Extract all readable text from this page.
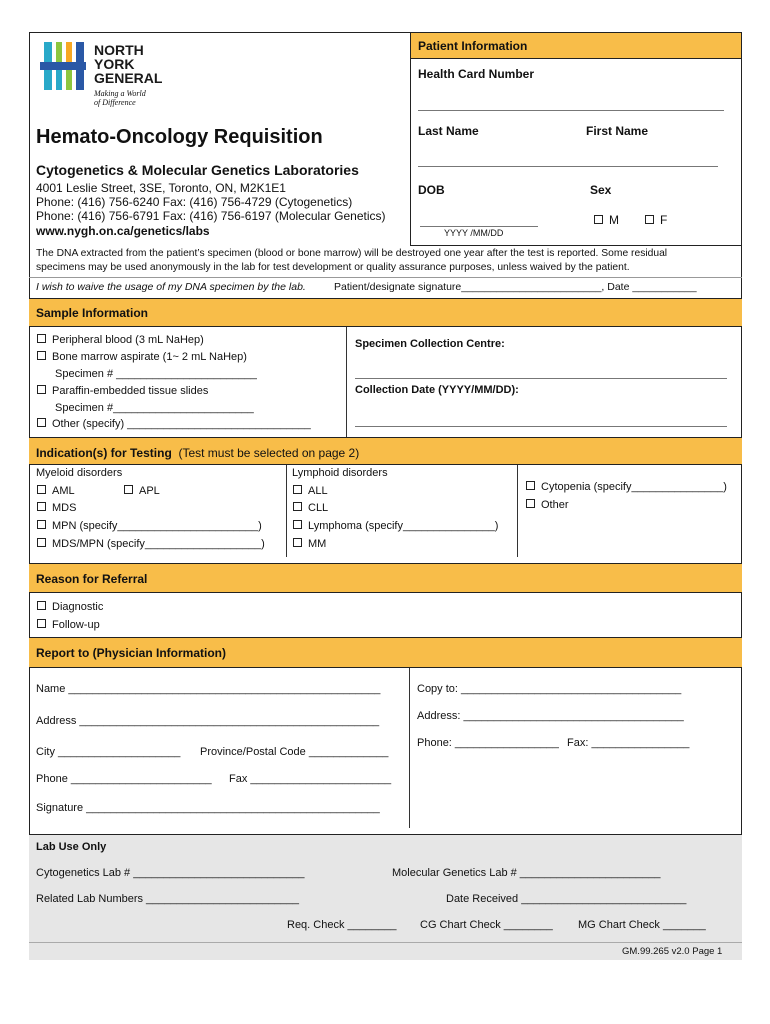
NORTH
YORK
GENERAL
Making a World
of Difference
Patient Information
Health Card Number
Last Name	First Name
DOB	Sex
YYYY /MM/DD
M	F
Hemato-Oncology Requisition
Cytogenetics & Molecular Genetics Laboratories
4001 Leslie Street, 3SE, Toronto, ON, M2K1E1
Phone: (416) 756-6240 Fax: (416) 756-4729 (Cytogenetics)
Phone: (416) 756-6791 Fax: (416) 756-6197 (Molecular Genetics)
www.nygh.on.ca/genetics/labs
The DNA extracted from the patient’s specimen (blood or bone marrow) will be destroyed one year after the test is reported. Some residual
specimens may be used anonymously in the lab for test development or quality assurance purposes, unless waived by the patient.
I wish to waive the usage of my DNA specimen by the lab.	Patient/designate signature________________________, Date ___________
Sample Information
Peripheral blood (3 mL NaHep)
Bone marrow aspirate (1~ 2 mL NaHep)
Specimen # _______________________
Paraffin-embedded tissue slides
Specimen #_______________________
Other (specify) ______________________________
Specimen Collection Centre:
Collection Date (YYYY/MM/DD):
Indication(s) for Testing (Test must be selected on page 2)
Myeloid disorders
AML	APL
MDS
MPN (specify_______________________)
MDS/MPN (specify___________________)
Lymphoid disorders
ALL
CLL
Lymphoma (specify_______________)
MM
Cytopenia (specify_______________)
Other
Reason for Referral
Diagnostic
Follow-up
Report to (Physician Information)
Name ___________________________________________________
Address _________________________________________________
City ____________________ Province/Postal Code _____________
Phone _______________________ Fax _______________________
Signature ________________________________________________
Copy to: ____________________________________
Address: ____________________________________
Phone: _________________ Fax: ________________
Lab Use Only
Cytogenetics Lab # ____________________________	Molecular Genetics Lab # _______________________
Related Lab Numbers _________________________	Date Received ___________________________
Req. Check ________ CG Chart Check ________ MG Chart Check _______
GM.99.265 v2.0 Page 1
